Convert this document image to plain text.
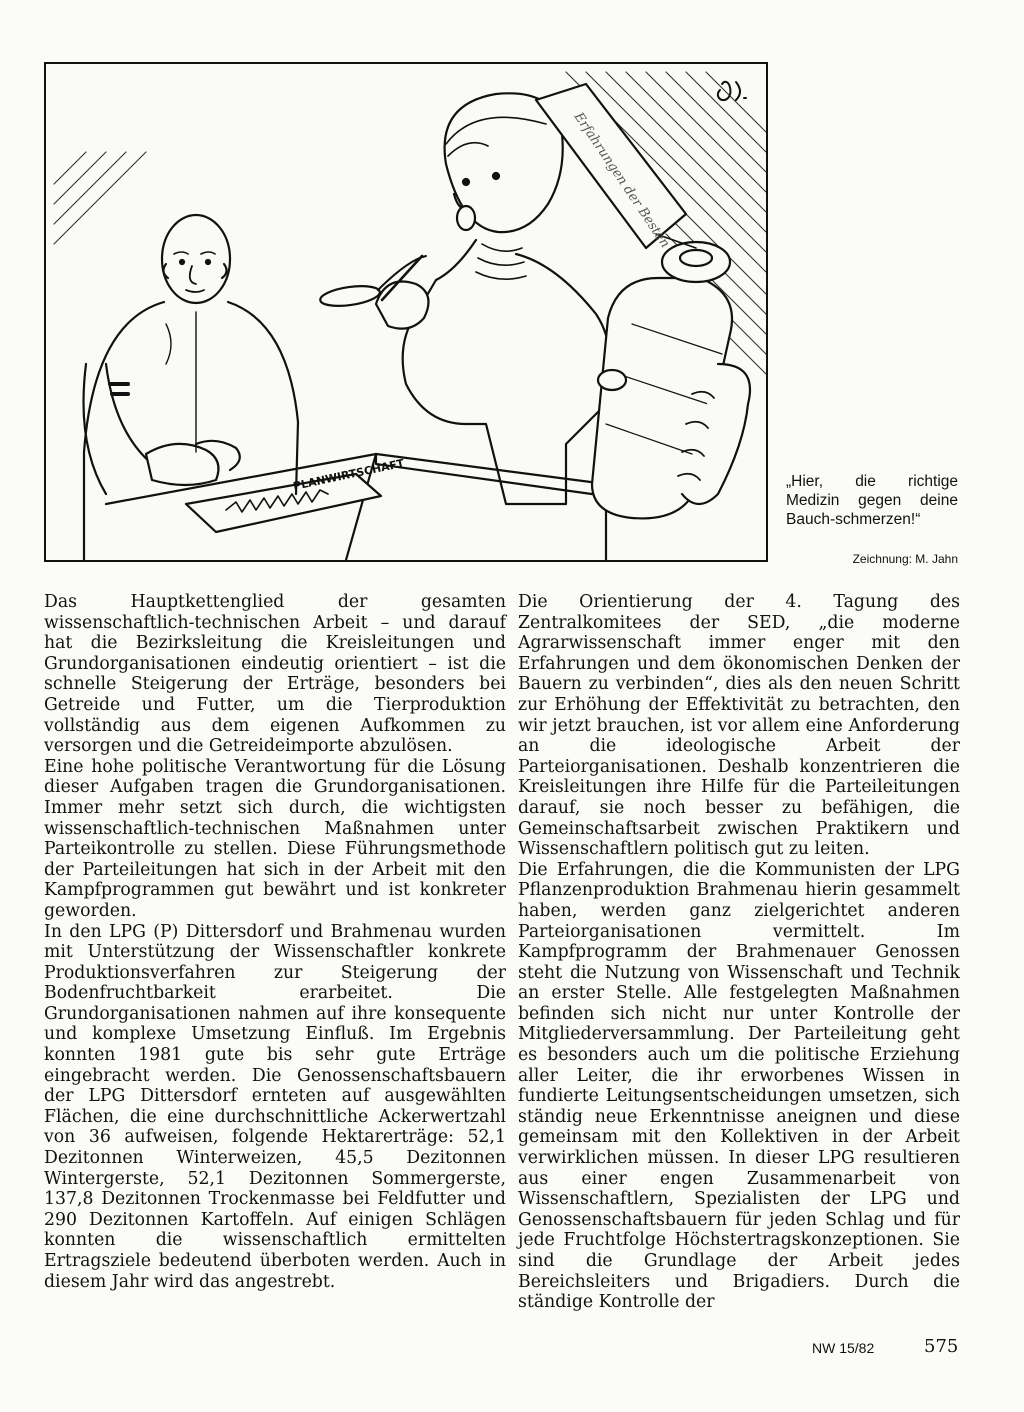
PLANWIRTSCHAFT
Erfahrungen der Besten
„Hier, die richtige Medizin gegen deine Bauch-schmerzen!“
Zeichnung: M. Jahn

Das Hauptkettenglied der gesamten wissenschaftlich-technischen Arbeit – und darauf hat die Bezirksleitung die Kreisleitungen und Grundorganisationen eindeutig orientiert – ist die schnelle Steigerung der Erträge, besonders bei Getreide und Futter, um die Tierproduktion vollständig aus dem eigenen Aufkommen zu versorgen und die Getreideimporte abzulösen.

Eine hohe politische Verantwortung für die Lösung dieser Aufgaben tragen die Grundorganisationen. Immer mehr setzt sich durch, die wichtigsten wissenschaftlich-technischen Maßnahmen unter Parteikontrolle zu stellen. Diese Führungsmethode der Parteileitungen hat sich in der Arbeit mit den Kampfprogrammen gut bewährt und ist konkreter geworden.

In den LPG (P) Dittersdorf und Brahmenau wurden mit Unterstützung der Wissenschaftler konkrete Produktionsverfahren zur Steigerung der Bodenfruchtbarkeit erarbeitet. Die Grundorganisationen nahmen auf ihre konsequente und komplexe Umsetzung Einfluß. Im Ergebnis konnten 1981 gute bis sehr gute Erträge eingebracht werden. Die Genossenschaftsbauern der LPG Dittersdorf ernteten auf ausgewählten Flächen, die eine durchschnittliche Ackerwertzahl von 36 aufweisen, folgende Hektarerträge: 52,1 Dezitonnen Winterweizen, 45,5 Dezitonnen Wintergerste, 52,1 Dezitonnen Sommergerste, 137,8 Dezitonnen Trockenmasse bei Feldfutter und 290 Dezitonnen Kartoffeln. Auf einigen Schlägen konnten die wissenschaftlich ermittelten Ertragsziele bedeutend überboten werden. Auch in diesem Jahr wird das angestrebt.

Die Orientierung der 4. Tagung des Zentralkomitees der SED, „die moderne Agrarwissenschaft immer enger mit den Erfahrungen und dem ökonomischen Denken der Bauern zu verbinden“, dies als den neuen Schritt zur Erhöhung der Effektivität zu betrachten, den wir jetzt brauchen, ist vor allem eine Anforderung an die ideologische Arbeit der Parteiorganisationen. Deshalb konzentrieren die Kreisleitungen ihre Hilfe für die Parteileitungen darauf, sie noch besser zu befähigen, die Gemeinschaftsarbeit zwischen Praktikern und Wissenschaftlern politisch gut zu leiten.

Die Erfahrungen, die die Kommunisten der LPG Pflanzenproduktion Brahmenau hierin gesammelt haben, werden ganz zielgerichtet anderen Parteiorganisationen vermittelt. Im Kampfprogramm der Brahmenauer Genossen steht die Nutzung von Wissenschaft und Technik an erster Stelle. Alle festgelegten Maßnahmen befinden sich nicht nur unter Kontrolle der Mitgliederversammlung. Der Parteileitung geht es besonders auch um die politische Erziehung aller Leiter, die ihr erworbenes Wissen in fundierte Leitungsentscheidungen umsetzen, sich ständig neue Erkenntnisse aneignen und diese gemeinsam mit den Kollektiven in der Arbeit verwirklichen müssen. In dieser LPG resultieren aus einer engen Zusammenarbeit von Wissenschaftlern, Spezialisten der LPG und Genossenschaftsbauern für jeden Schlag und für jede Fruchtfolge Höchstertragskonzeptionen. Sie sind die Grundlage der Arbeit jedes Bereichsleiters und Brigadiers. Durch die ständige Kontrolle der

NW 15/82	575
